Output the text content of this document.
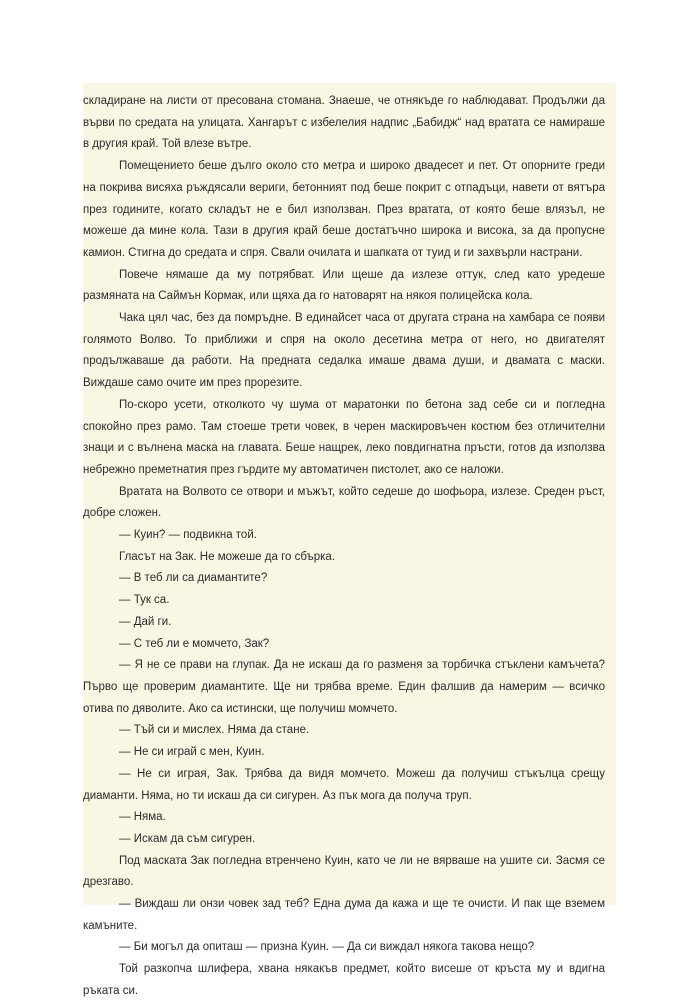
складиране на листи от пресована стомана. Знаеше, че отнякъде го наблюдават. Продължи да върви по средата на улицата. Хангарът с избелелия надпис „Бабидж“ над вратата се намираше в другия край. Той влезе вътре.

Помещението беше дълго около сто метра и широко двадесет и пет. От опорните греди на покрива висяха ръждясали вериги, бетонният под беше покрит с отпадъци, навети от вятъра през годините, когато складът не е бил използван. През вратата, от която беше влязъл, не можеше да мине кола. Тази в другия край беше достатъчно широка и висока, за да пропусне камион. Стигна до средата и спря. Свали очилата и шапката от туид и ги захвърли настрани.

Повече нямаше да му потрябват. Или щеше да излезе оттук, след като уредеше размяната на Саймън Кормак, или щяха да го натоварят на някоя полицейска кола.

Чака цял час, без да помръдне. В единайсет часа от другата страна на хамбара се появи голямото Волво. То приближи и спря на около десетина метра от него, но двигателят продължаваше да работи. На предната седалка имаше двама души, и двамата с маски. Виждаше само очите им през прорезите.

По-скоро усети, отколкото чу шума от маратонки по бетона зад себе си и погледна спокойно през рамо. Там стоеше трети човек, в черен маскировъчен костюм без отличителни знаци и с вълнена маска на главата. Беше нащрек, леко повдигнатна пръсти, готов да използва небрежно преметнатия през гърдите му автоматичен пистолет, ако се наложи.

Вратата на Волвото се отвори и мъжът, който седеше до шофьора, излезе. Среден ръст, добре сложен.

— Куин? — подвикна той.

Гласът на Зак. Не можеше да го сбърка.

— В теб ли са диамантите?

— Тук са.

— Дай ги.

— С теб ли е момчето, Зак?

— Я не се прави на глупак. Да не искаш да го разменя за торбичка стъклени камъчета? Първо ще проверим диамантите. Ще ни трябва време. Един фалшив да намерим — всичко отива по дяволите. Ако са истински, ще получиш момчето.

— Тъй си и мислех. Няма да стане.

— Не си играй с мен, Куин.

— Не си играя, Зак. Трябва да видя момчето. Можеш да получиш стъкълца срещу диаманти. Няма, но ти искаш да си сигурен. Аз пък мога да получа труп.

— Няма.

— Искам да съм сигурен.

Под маската Зак погледна втренчено Куин, като че ли не вярваше на ушите си. Засмя се дрезгаво.

— Виждаш ли онзи човек зад теб? Една дума да кажа и ще те очисти. И пак ще вземем камъните.

— Би могъл да опиташ — призна Куин. — Да си виждал някога такова нещо?

Той разкопча шлифера, хвана някакъв предмет, който висеше от кръста му и вдигна ръката си.
